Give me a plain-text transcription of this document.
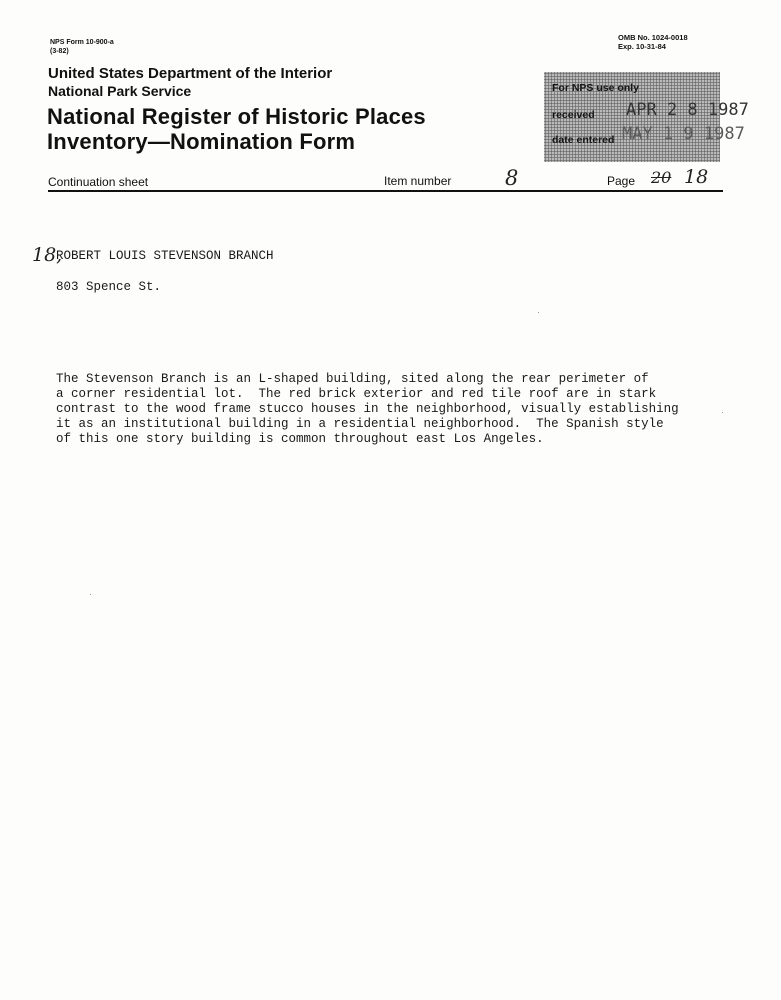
NPS Form 10-900-a
(3-82)
OMB No. 1024-0018
Exp. 10-31-84
United States Department of the Interior
National Park Service
National Register of Historic Places
Inventory—Nomination Form
For NPS use only
received APR 2 8 1987
date entered MAY 1 9 1987
Continuation sheet	Item number	8	Page 20 18
18,
ROBERT LOUIS STEVENSON BRANCH
803 Spence St.
The Stevenson Branch is an L-shaped building, sited along the rear perimeter of
a corner residential lot.  The red brick exterior and red tile roof are in stark
contrast to the wood frame stucco houses in the neighborhood, visually establishing
it as an institutional building in a residential neighborhood.  The Spanish style
of this one story building is common throughout east Los Angeles.
